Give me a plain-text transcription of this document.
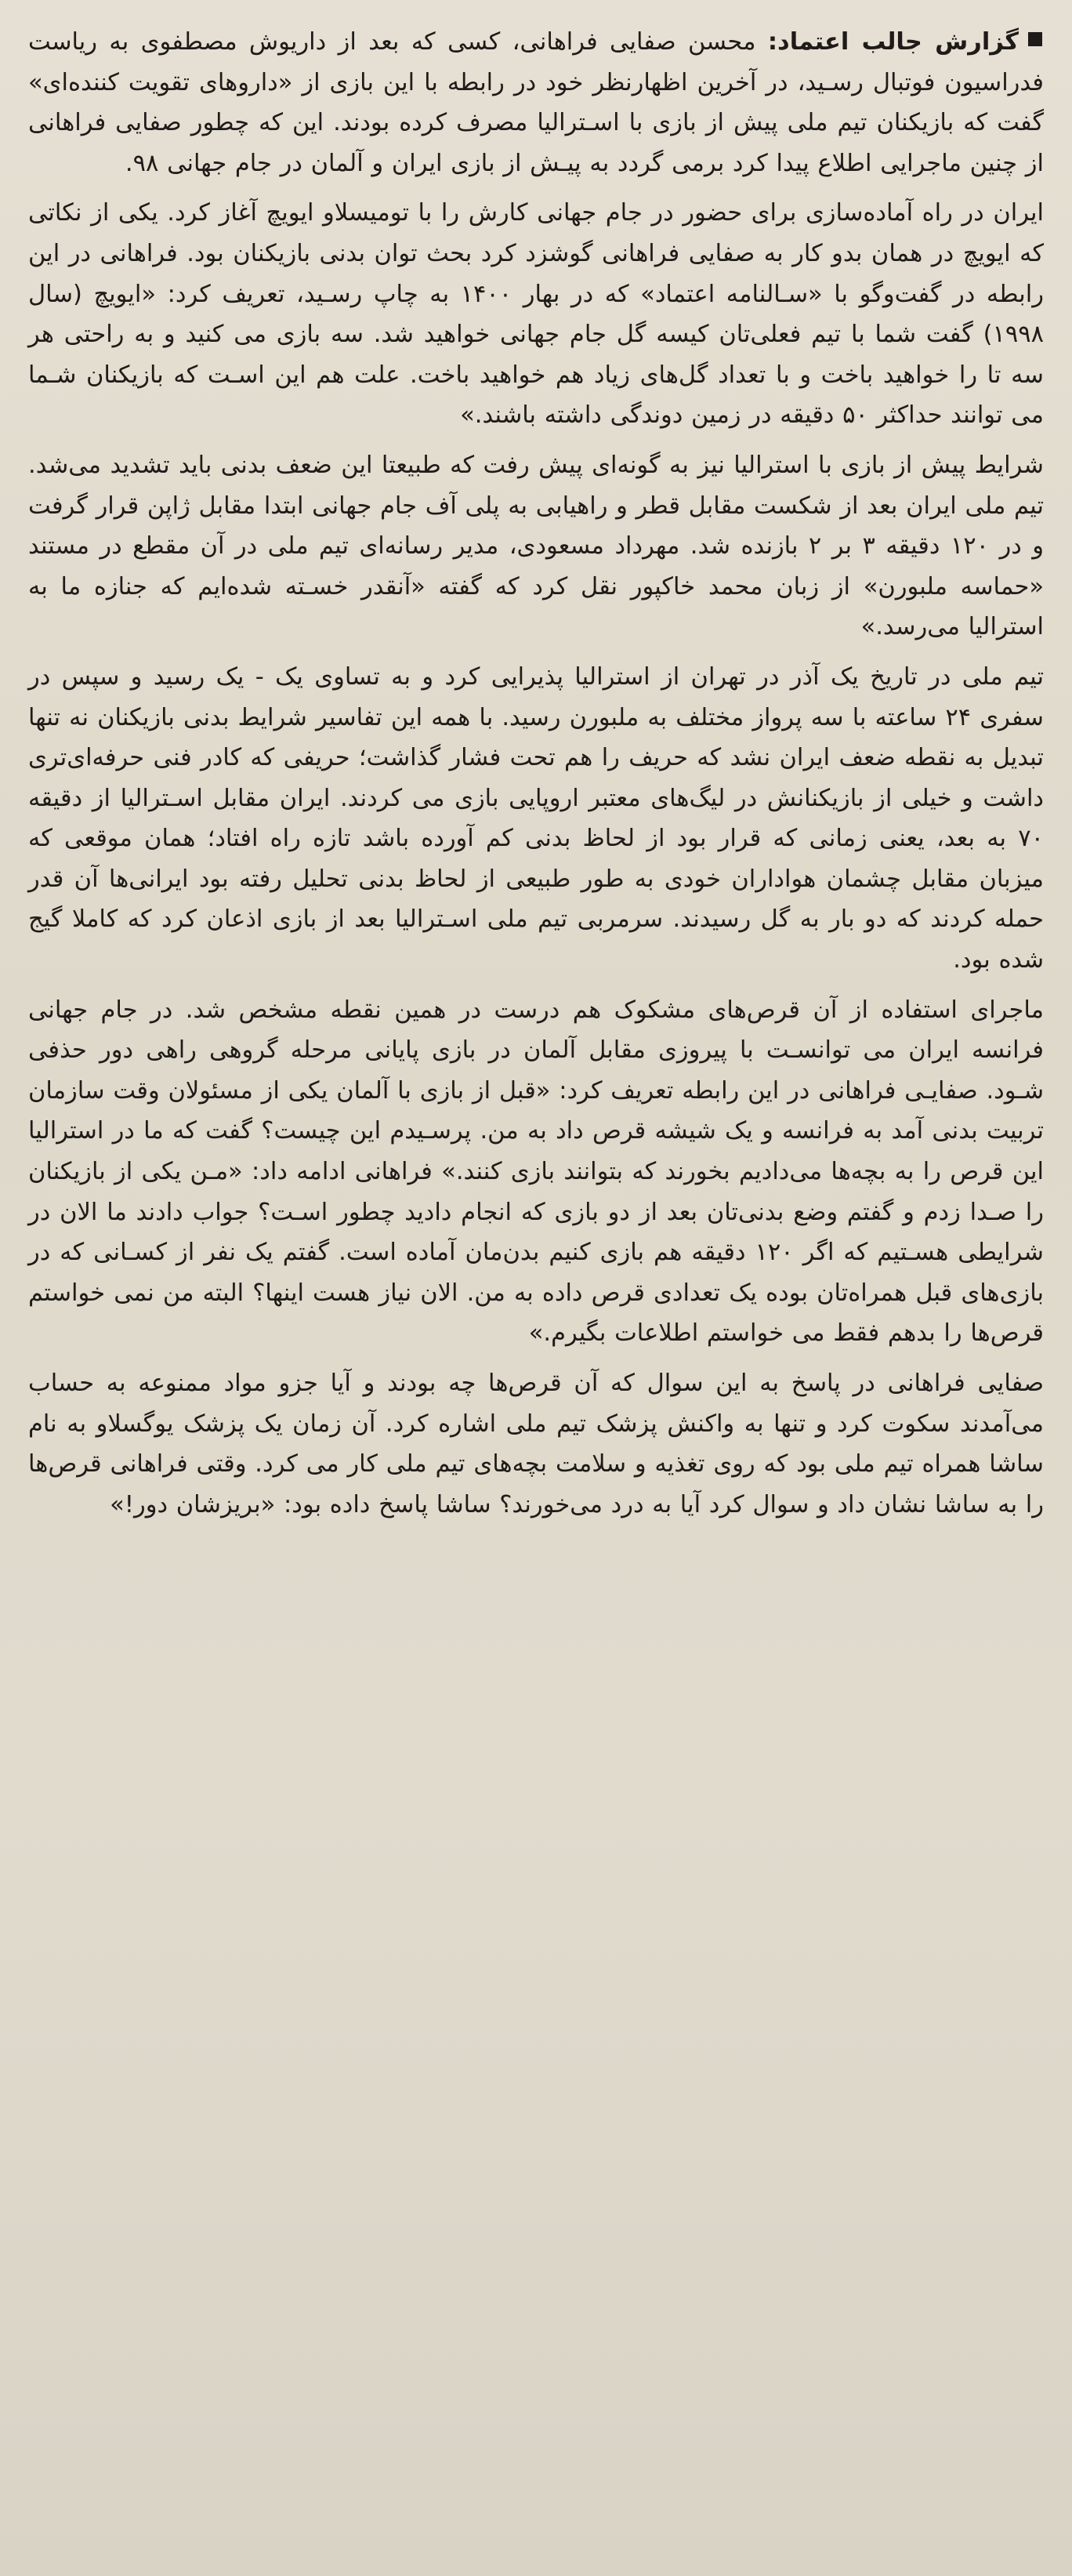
گزارش جالب اعتماد: محسن صفایی فراهانی، کسی که بعد از داریوش مصطفوی به ریاست فدراسیون فوتبال رسـید، در آخرین اظهارنظر خود در رابطه با این بازی از «داروهای تقویت کننده‌ای» گفت که بازیکنان تیم ملی پیش از بازی با اسـترالیا مصرف کرده بودند. این که چطور صفایی فراهانی از چنین ماجرایی اطلاع پیدا کرد برمی گردد به پیـش از بازی ایران و آلمان در جام جهانی ۹۸.

ایران در راه آماده‌سازی برای حضور در جام جهانی کارش را با تومیسلاو ایویچ آغاز کرد. یکی از نکاتی که ایویچ در همان بدو کار به صفایی فراهانی گوشزد کرد بحث توان بدنی بازیکنان بود. فراهانی در این رابطه در گفت‌وگو با «سـالنامه اعتماد» که در بهار ۱۴۰۰ به چاپ رسـید، تعریف کرد: «ایویچ (سال ۱۹۹۸) گفت شما با تیم فعلی‌تان کیسه گل جام جهانی خواهید شد. سه بازی می کنید و به راحتی هر سه تا را خواهید باخت و با تعداد گل‌های زیاد هم خواهید باخت. علت هم این اسـت که بازیکنان شـما می توانند حداکثر ۵۰ دقیقه در زمین دوندگی داشته باشند.»

شرایط پیش از بازی با استرالیا نیز به گونه‌ای پیش رفت که طبیعتا این ضعف بدنی باید تشدید می‌شد. تیم ملی ایران بعد از شکست مقابل قطر و راهیابی به پلی آف جام جهانی ابتدا مقابل ژاپن قرار گرفت و در ۱۲۰ دقیقه ۳ بر ۲ بازنده شد. مهرداد مسعودی، مدیر رسانه‌ای تیم ملی در آن مقطع در مستند «حماسه ملبورن» از زبان محمد خاکپور نقل کرد که گفته «آنقدر خسـته شده‌ایم که جنازه ما به استرالیا می‌رسد.»

تیم ملی در تاریخ یک آذر در تهران از استرالیا پذیرایی کرد و به تساوی یک - یک رسید و سپس در سفری ۲۴ ساعته با سه پرواز مختلف به ملبورن رسید. با همه این تفاسیر شرایط بدنی بازیکنان نه تنها تبدیل به نقطه ضعف ایران نشد که حریف را هم تحت فشار گذاشت؛ حریفی که کادر فنی حرفه‌ای‌تری داشت و خیلی از بازیکنانش در لیگ‌های معتبر اروپایی بازی می کردند. ایران مقابل اسـترالیا از دقیقه ۷۰ به بعد، یعنی زمانی که قرار بود از لحاظ بدنی کم آورده باشد تازه راه افتاد؛ همان موقعی که میزبان مقابل چشمان هواداران خودی به طور طبیعی از لحاظ بدنی تحلیل رفته بود ایرانی‌ها آن قدر حمله کردند که دو بار به گل رسیدند. سرمربی تیم ملی اسـترالیا بعد از بازی اذعان کرد که کاملا گیج شده بود.

ماجرای استفاده از آن قرص‌های مشکوک هم درست در همین نقطه مشخص شد. در جام جهانی فرانسه ایران می توانسـت با پیروزی مقابل آلمان در بازی پایانی مرحله گروهی راهی دور حذفی شـود. صفایـی فراهانی در این رابطه تعریف کرد: «قبل از بازی با آلمان یکی از مسئولان وقت سازمان تربیت بدنی آمد به فرانسه و یک شیشه قرص داد به من. پرسـیدم این چیست؟ گفت که ما در استرالیا این قرص را به بچه‌ها می‌دادیم بخورند که بتوانند بازی کنند.» فراهانی ادامه داد: «مـن یکی از بازیکنان را صـدا زدم و گفتم وضع بدنی‌تان بعد از دو بازی که انجام دادید چطور اسـت؟ جواب دادند ما الان در شرایطی هسـتیم که اگر ۱۲۰ دقیقه هم بازی کنیم بدن‌مان آماده است. گفتم یک نفر از کسـانی که در بازی‌های قبل همراه‌تان بوده یک تعدادی قرص داده به من. الان نیاز هست اینها؟ البته من نمی خواستم قرص‌ها را بدهم فقط می خواستم اطلاعات بگیرم.»

صفایی فراهانی در پاسخ به این سوال که آن قرص‌ها چه بودند و آیا جزو مواد ممنوعه به حساب می‌آمدند سکوت کرد و تنها به واکنش پزشک تیم ملی اشاره کرد. آن زمان یک پزشک یوگسلاو به نام ساشا همراه تیم ملی بود که روی تغذیه و سلامت بچه‌های تیم ملی کار می کرد. وقتی فراهانی قرص‌ها را به ساشا نشان داد و سوال کرد آیا به درد می‌خورند؟ ساشا پاسخ داده بود: «بریزشان دور!»
